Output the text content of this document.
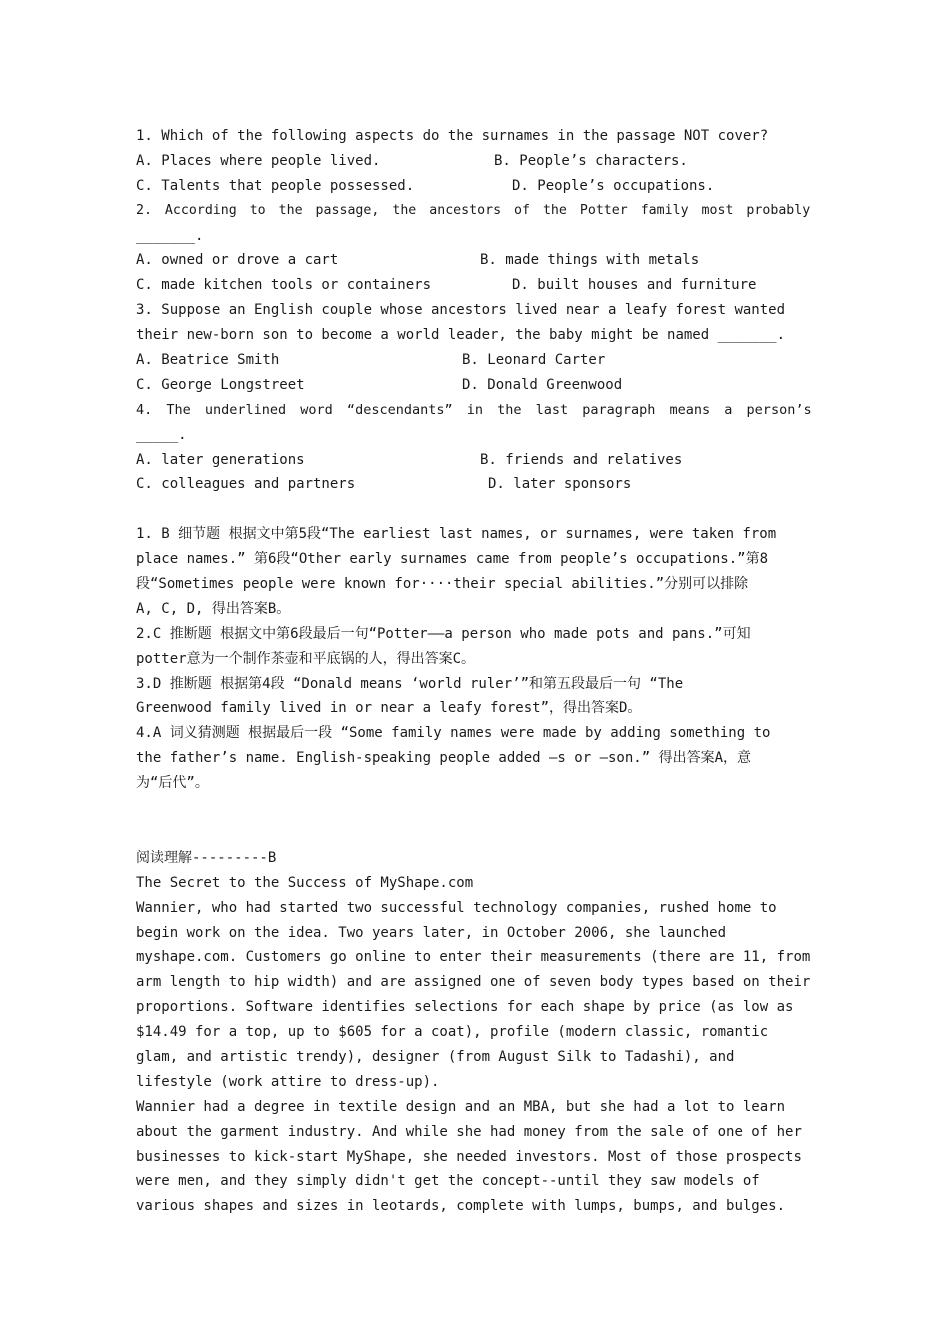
1. Which of the following aspects do the surnames in the passage NOT cover?
A. Places where people lived.	B. People’s characters.
C. Talents that people possessed.	D. People’s occupations.
2. According to the passage, the ancestors of the Potter family most probably
_______.
A. owned or drove a cart	B. made things with metals
C. made kitchen tools or containers	D. built houses and furniture
3. Suppose an English couple whose ancestors lived near a leafy forest wanted
their new-born son to become a world leader, the baby might be named _______.
A. Beatrice Smith	B. Leonard Carter
C. George Longstreet	D. Donald Greenwood
4. The underlined word “descendants” in the last paragraph means a person’s
_____.
A. later generations	B. friends and relatives
C. colleagues and partners	D. later sponsors
1. B 细节题 根据文中第5段“The earliest last names, or surnames, were taken from
place names.” 第6段“Other early surnames came from people’s occupations.”第8
段“Sometimes people were known for····their special abilities.”分别可以排除
A, C, D, 得出答案B。
2.C 推断题 根据文中第6段最后一句“Potter——a person who made pots and pans.”可知
potter意为一个制作茶壶和平底锅的人，得出答案C。
3.D 推断题 根据第4段 “Donald means ‘world ruler’”和第五段最后一句 “The
Greenwood family lived in or near a leafy forest”，得出答案D。
4.A 词义猜测题 根据最后一段 “Some family names were made by adding something to
the father’s name. English-speaking people added –s or –son.” 得出答案A，意
为“后代”。
阅读理解---------B
The Secret to the Success of MyShape.com
Wannier, who had started two successful technology companies, rushed home to
begin work on the idea. Two years later, in October 2006, she launched
myshape.com. Customers go online to enter their measurements (there are 11, from
arm length to hip width) and are assigned one of seven body types based on their
proportions. Software identifies selections for each shape by price (as low as
$14.49 for a top, up to $605 for a coat), profile (modern classic, romantic
glam, and artistic trendy), designer (from August Silk to Tadashi), and
lifestyle (work attire to dress-up).
Wannier had a degree in textile design and an MBA, but she had a lot to learn
about the garment industry. And while she had money from the sale of one of her
businesses to kick-start MyShape, she needed investors. Most of those prospects
were men, and they simply didn't get the concept--until they saw models of
various shapes and sizes in leotards, complete with lumps, bumps, and bulges.
